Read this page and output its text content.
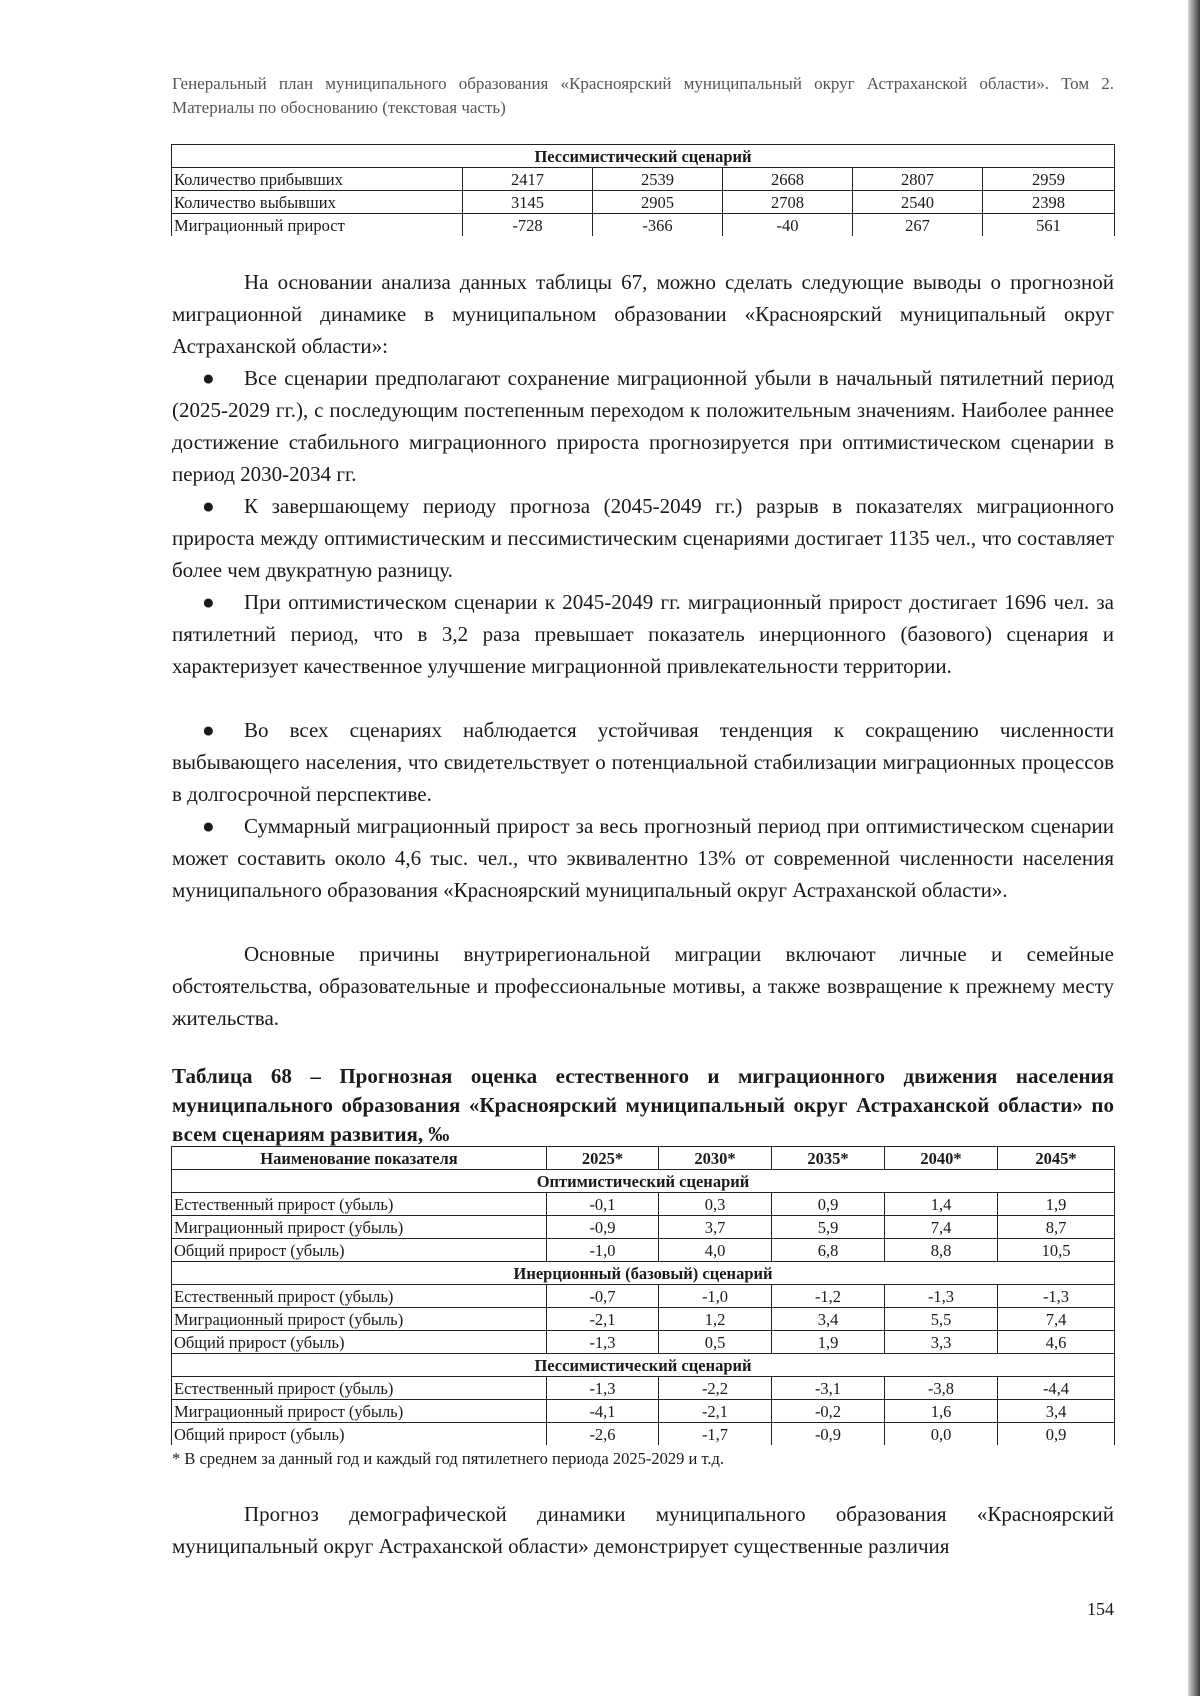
Генеральный план муниципального образования «Красноярский муниципальный округ Астраханской области». Том 2. Материалы по обоснованию (текстовая часть)
Пессимистический сценарий					
Количество прибывших	2417	2539	2668	2807	2959
Количество выбывших	3145	2905	2708	2540	2398
Миграционный прирост	-728	-366	-40	267	561

На основании анализа данных таблицы 67, можно сделать следующие выводы о прогнозной миграционной динамике в муниципальном образовании «Красноярский муниципальный округ Астраханской области»:

● Все сценарии предполагают сохранение миграционной убыли в начальный пятилетний период (2025-2029 гг.), с последующим постепенным переходом к положительным значениям. Наиболее раннее достижение стабильного миграционного прироста прогнозируется при оптимистическом сценарии в период 2030-2034 гг.

● К завершающему периоду прогноза (2045-2049 гг.) разрыв в показателях миграционного прироста между оптимистическим и пессимистическим сценариями достигает 1135 чел., что составляет более чем двукратную разницу.

● При оптимистическом сценарии к 2045-2049 гг. миграционный прирост достигает 1696 чел. за пятилетний период, что в 3,2 раза превышает показатель инерционного (базового) сценария и характеризует качественное улучшение миграционной привлекательности территории.

● Во всех сценариях наблюдается устойчивая тенденция к сокращению численности выбывающего населения, что свидетельствует о потенциальной стабилизации миграционных процессов в долгосрочной перспективе.

● Суммарный миграционный прирост за весь прогнозный период при оптимистическом сценарии может составить около 4,6 тыс. чел., что эквивалентно 13% от современной численности населения муниципального образования «Красноярский муниципальный округ Астраханской области».

Основные причины внутрирегиональной миграции включают личные и семейные обстоятельства, образовательные и профессиональные мотивы, а также возвращение к прежнему месту жительства.

Таблица 68 – Прогнозная оценка естественного и миграционного движения населения муниципального образования «Красноярский муниципальный округ Астраханской области» по всем сценариям развития, ‰

Наименование показателя	2025*	2030*	2035*	2040*	2045*
Оптимистический сценарий					
Естественный прирост (убыль)	-0,1	0,3	0,9	1,4	1,9
Миграционный прирост (убыль)	-0,9	3,7	5,9	7,4	8,7
Общий прирост (убыль)	-1,0	4,0	6,8	8,8	10,5
Инерционный (базовый) сценарий					
Естественный прирост (убыль)	-0,7	-1,0	-1,2	-1,3	-1,3
Миграционный прирост (убыль)	-2,1	1,2	3,4	5,5	7,4
Общий прирост (убыль)	-1,3	0,5	1,9	3,3	4,6
Пессимистический сценарий					
Естественный прирост (убыль)	-1,3	-2,2	-3,1	-3,8	-4,4
Миграционный прирост (убыль)	-4,1	-2,1	-0,2	1,6	3,4
Общий прирост (убыль)	-2,6	-1,7	-0,9	0,0	0,9

* В среднем за данный год и каждый год пятилетнего периода 2025-2029 и т.д.

Прогноз демографической динамики муниципального образования «Красноярский муниципальный округ Астраханской области» демонстрирует существенные различия

154
